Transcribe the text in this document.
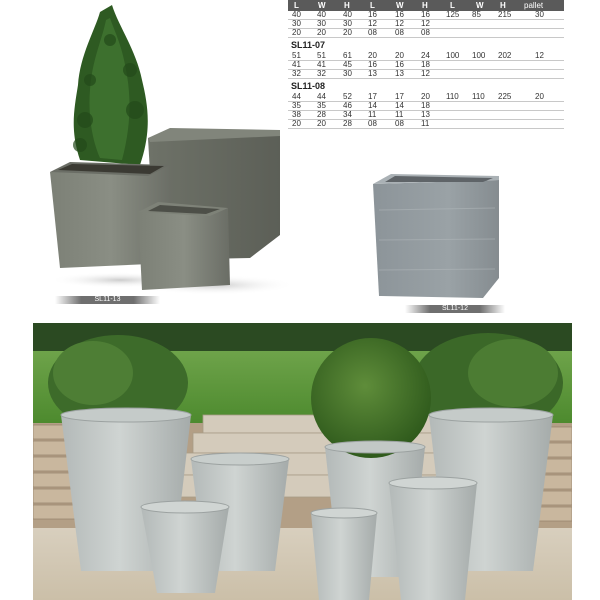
SL11-13
L W H	L	W H	L	W H pallet
40 40 40 16 16 16 125 85 215	30
30 30 30 12 12 12
20 20 20 08 08 08
SL11-07
51 51 61 20 20 24 100 100 202	12
41 41 45 16 16 18
32 32 30 13 13 12
SL11-08
44 44 52 17 17 20 110 110 225	20
35 35 46 14 14 18
38 28 34 11 11 13
20 20 28 08 08 11
SL11-12
